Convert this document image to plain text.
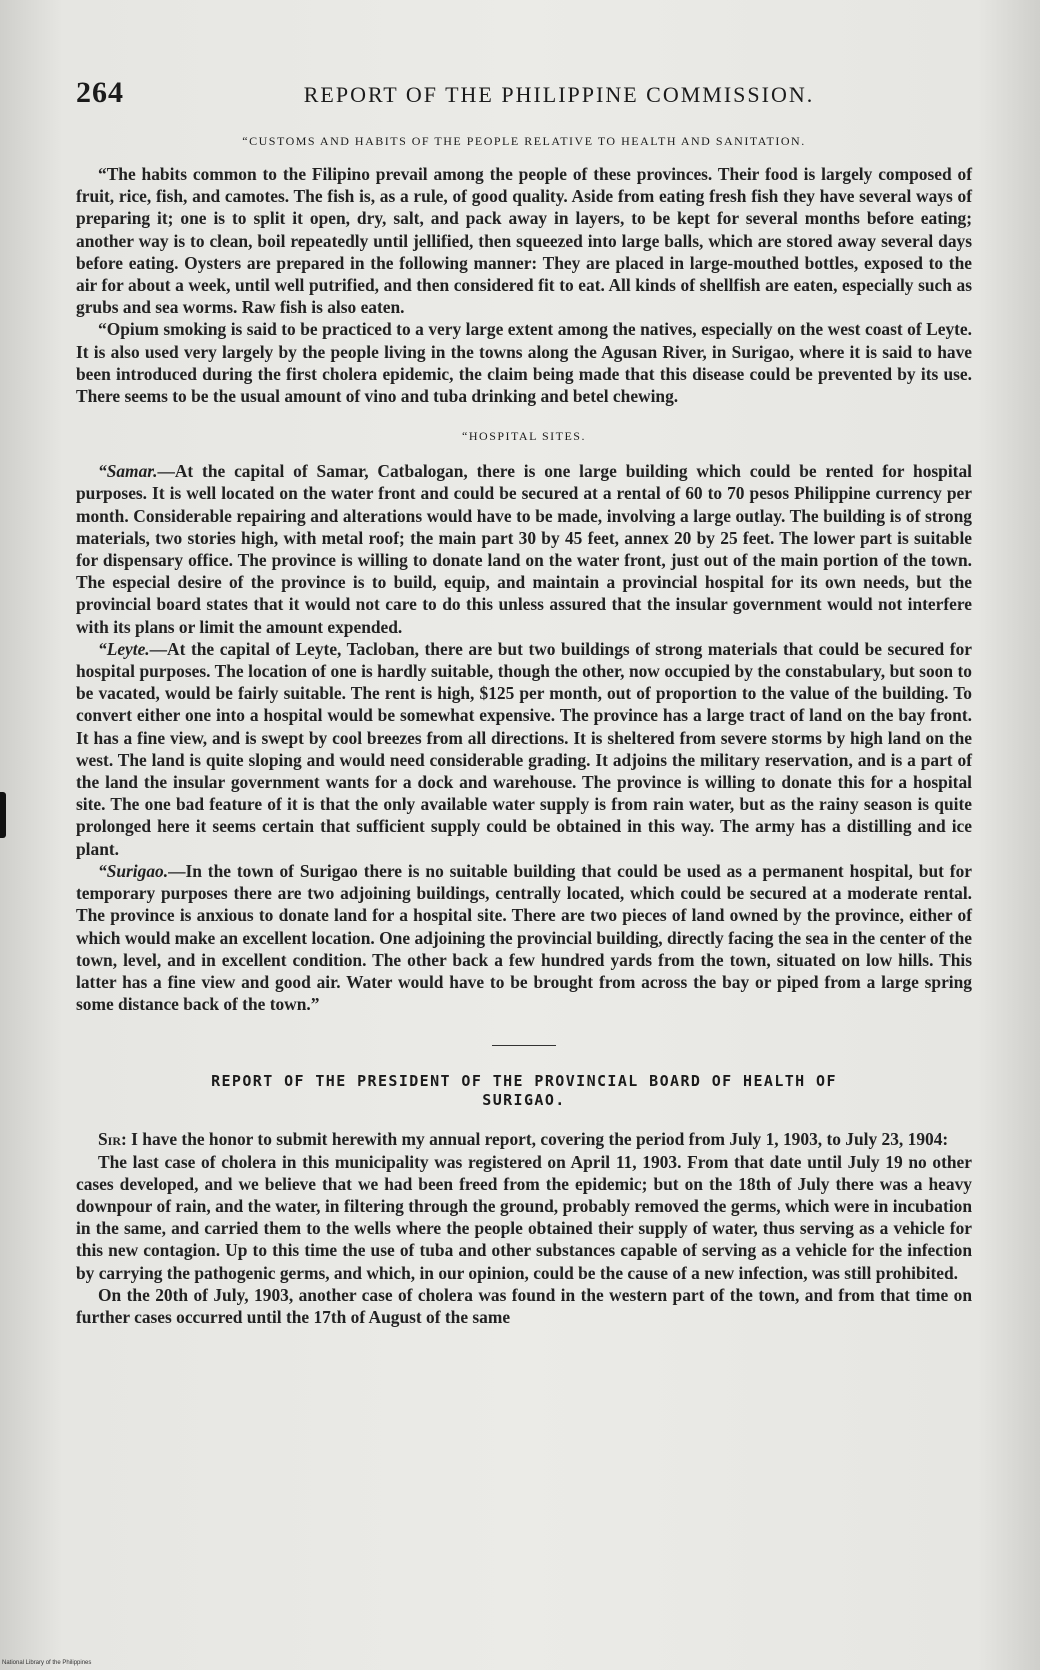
264	REPORT OF THE PHILIPPINE COMMISSION.
“CUSTOMS AND HABITS OF THE PEOPLE RELATIVE TO HEALTH AND SANITATION.

“The habits common to the Filipino prevail among the people of these provinces. Their food is largely composed of fruit, rice, fish, and camotes. The fish is, as a rule, of good quality. Aside from eating fresh fish they have several ways of preparing it; one is to split it open, dry, salt, and pack away in layers, to be kept for several months before eating; another way is to clean, boil repeatedly until jellified, then squeezed into large balls, which are stored away several days before eating. Oysters are prepared in the following manner: They are placed in large-mouthed bottles, exposed to the air for about a week, until well putrified, and then considered fit to eat. All kinds of shellfish are eaten, especially such as grubs and sea worms. Raw fish is also eaten.

“Opium smoking is said to be practiced to a very large extent among the natives, especially on the west coast of Leyte. It is also used very largely by the people living in the towns along the Agusan River, in Surigao, where it is said to have been introduced during the first cholera epidemic, the claim being made that this disease could be prevented by its use. There seems to be the usual amount of vino and tuba drinking and betel chewing.

“HOSPITAL SITES.

“Samar.—At the capital of Samar, Catbalogan, there is one large building which could be rented for hospital purposes. It is well located on the water front and could be secured at a rental of 60 to 70 pesos Philippine currency per month. Considerable repairing and alterations would have to be made, involving a large outlay. The building is of strong materials, two stories high, with metal roof; the main part 30 by 45 feet, annex 20 by 25 feet. The lower part is suitable for dispensary office. The province is willing to donate land on the water front, just out of the main portion of the town. The especial desire of the province is to build, equip, and maintain a provincial hospital for its own needs, but the provincial board states that it would not care to do this unless assured that the insular government would not interfere with its plans or limit the amount expended.

“Leyte.—At the capital of Leyte, Tacloban, there are but two buildings of strong materials that could be secured for hospital purposes. The location of one is hardly suitable, though the other, now occupied by the constabulary, but soon to be vacated, would be fairly suitable. The rent is high, $125 per month, out of proportion to the value of the building. To convert either one into a hospital would be somewhat expensive. The province has a large tract of land on the bay front. It has a fine view, and is swept by cool breezes from all directions. It is sheltered from severe storms by high land on the west. The land is quite sloping and would need considerable grading. It adjoins the military reservation, and is a part of the land the insular government wants for a dock and warehouse. The province is willing to donate this for a hospital site. The one bad feature of it is that the only available water supply is from rain water, but as the rainy season is quite prolonged here it seems certain that sufficient supply could be obtained in this way. The army has a distilling and ice plant.

“Surigao.—In the town of Surigao there is no suitable building that could be used as a permanent hospital, but for temporary purposes there are two adjoining buildings, centrally located, which could be secured at a moderate rental. The province is anxious to donate land for a hospital site. There are two pieces of land owned by the province, either of which would make an excellent location. One adjoining the provincial building, directly facing the sea in the center of the town, level, and in excellent condition. The other back a few hundred yards from the town, situated on low hills. This latter has a fine view and good air. Water would have to be brought from across the bay or piped from a large spring some distance back of the town.”

REPORT OF THE PRESIDENT OF THE PROVINCIAL BOARD OF HEALTH OF
SURIGAO.

Sir: I have the honor to submit herewith my annual report, covering the period from July 1, 1903, to July 23, 1904:

The last case of cholera in this municipality was registered on April 11, 1903. From that date until July 19 no other cases developed, and we believe that we had been freed from the epidemic; but on the 18th of July there was a heavy downpour of rain, and the water, in filtering through the ground, probably removed the germs, which were in incubation in the same, and carried them to the wells where the people obtained their supply of water, thus serving as a vehicle for this new contagion. Up to this time the use of tuba and other substances capable of serving as a vehicle for the infection by carrying the pathogenic germs, and which, in our opinion, could be the cause of a new infection, was still prohibited.

On the 20th of July, 1903, another case of cholera was found in the western part of the town, and from that time on further cases occurred until the 17th of August of the same

National Library of the Philippines
